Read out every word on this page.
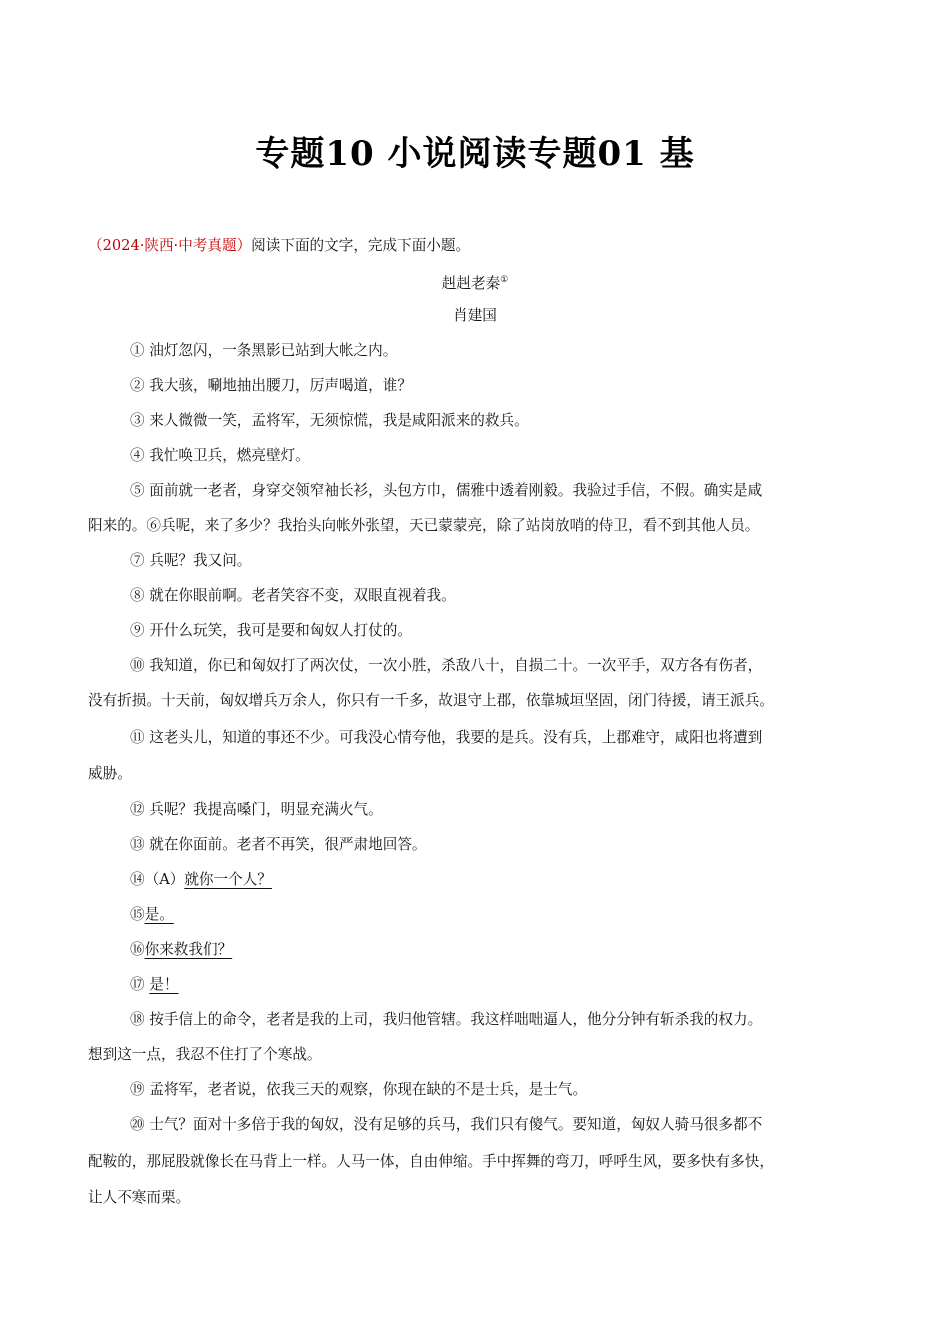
专题10 小说阅读专题01 基

（2024·陕西·中考真题）阅读下面的文字，完成下面小题。

赳赳老秦①

肖建国

① 油灯忽闪，一条黑影已站到大帐之内。

② 我大骇，唰地抽出腰刀，厉声喝道，谁？

③ 来人微微一笑，孟将军，无须惊慌，我是咸阳派来的救兵。

④ 我忙唤卫兵，燃亮壁灯。

⑤ 面前就一老者，身穿交领窄袖长衫，头包方巾，儒雅中透着刚毅。我验过手信，不假。确实是咸

阳来的。⑥兵呢，来了多少？我抬头向帐外张望，天已蒙蒙亮，除了站岗放哨的侍卫，看不到其他人员。

⑦ 兵呢？我又问。

⑧ 就在你眼前啊。老者笑容不变，双眼直视着我。

⑨ 开什么玩笑，我可是要和匈奴人打仗的。

⑩ 我知道，你已和匈奴打了两次仗，一次小胜，杀敌八十，自损二十。一次平手，双方各有伤者，

没有折损。十天前，匈奴增兵万余人，你只有一千多，故退守上郡，依靠城垣坚固，闭门待援，请王派兵。

⑪ 这老头儿，知道的事还不少。可我没心情夸他，我要的是兵。没有兵，上郡难守，咸阳也将遭到

威胁。

⑫ 兵呢？我提高嗓门，明显充满火气。

⑬ 就在你面前。老者不再笑，很严肃地回答。

⑭（A）就你一个人？

⑮是。

⑯你来救我们？

⑰ 是！

⑱ 按手信上的命令，老者是我的上司，我归他管辖。我这样咄咄逼人，他分分钟有斩杀我的权力。

想到这一点，我忍不住打了个寒战。

⑲ 孟将军，老者说，依我三天的观察，你现在缺的不是士兵，是士气。

⑳ 士气？面对十多倍于我的匈奴，没有足够的兵马，我们只有傻气。要知道，匈奴人骑马很多都不

配鞍的，那屁股就像长在马背上一样。人马一体，自由伸缩。手中挥舞的弯刀，呼呼生风，要多快有多快，

让人不寒而栗。
